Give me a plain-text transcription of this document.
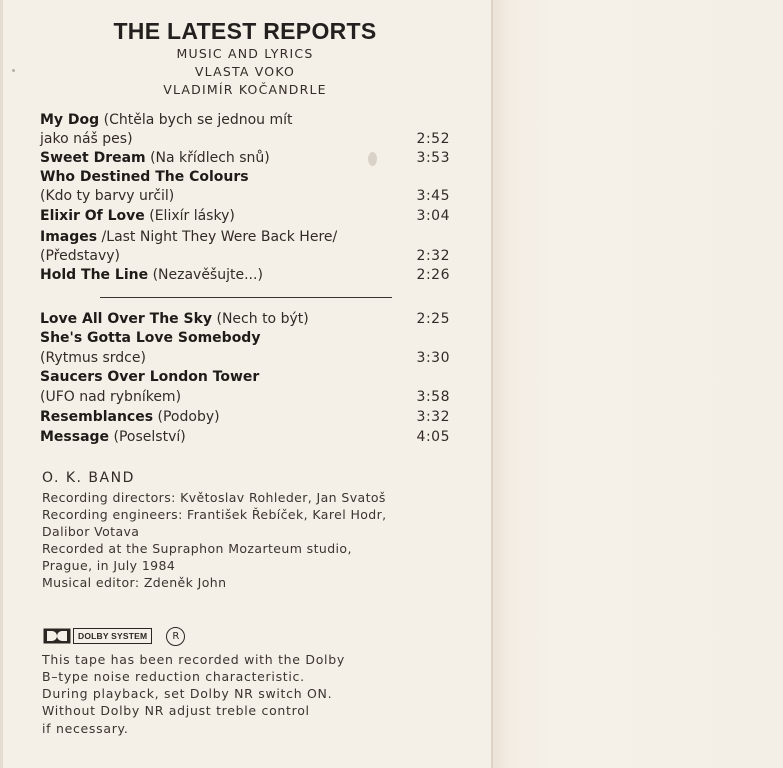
THE LATEST REPORTS
MUSIC AND LYRICS
VLASTA VOKO
VLADIMÍR KOČANDRLE
My Dog (Chtěla bych se jednou mít
jako náš pes)	2:52
Sweet Dream (Na křídlech snů)	3:53
Who Destined The Colours
(Kdo ty barvy určil)	3:45
Elixir Of Love (Elixír lásky)	3:04
Images /Last Night They Were Back Here/
(Představy)	2:32
Hold The Line (Nezavěšujte...)	2:26
Love All Over The Sky (Nech to být)	2:25
She's Gotta Love Somebody
(Rytmus srdce)	3:30
Saucers Over London Tower
(UFO nad rybníkem)	3:58
Resemblances (Podoby)	3:32
Message (Poselství)	4:05
O. K. BAND
Recording directors: Květoslav Rohleder, Jan Svatoš
Recording engineers: František Řebíček, Karel Hodr,
Dalibor Votava
Recorded at the Supraphon Mozarteum studio,
Prague, in July 1984
Musical editor: Zdeněk John
DOLBY SYSTEM	R
This tape has been recorded with the Dolby
B–type noise reduction characteristic.
During playback, set Dolby NR switch ON.
Without Dolby NR adjust treble control
if necessary.
